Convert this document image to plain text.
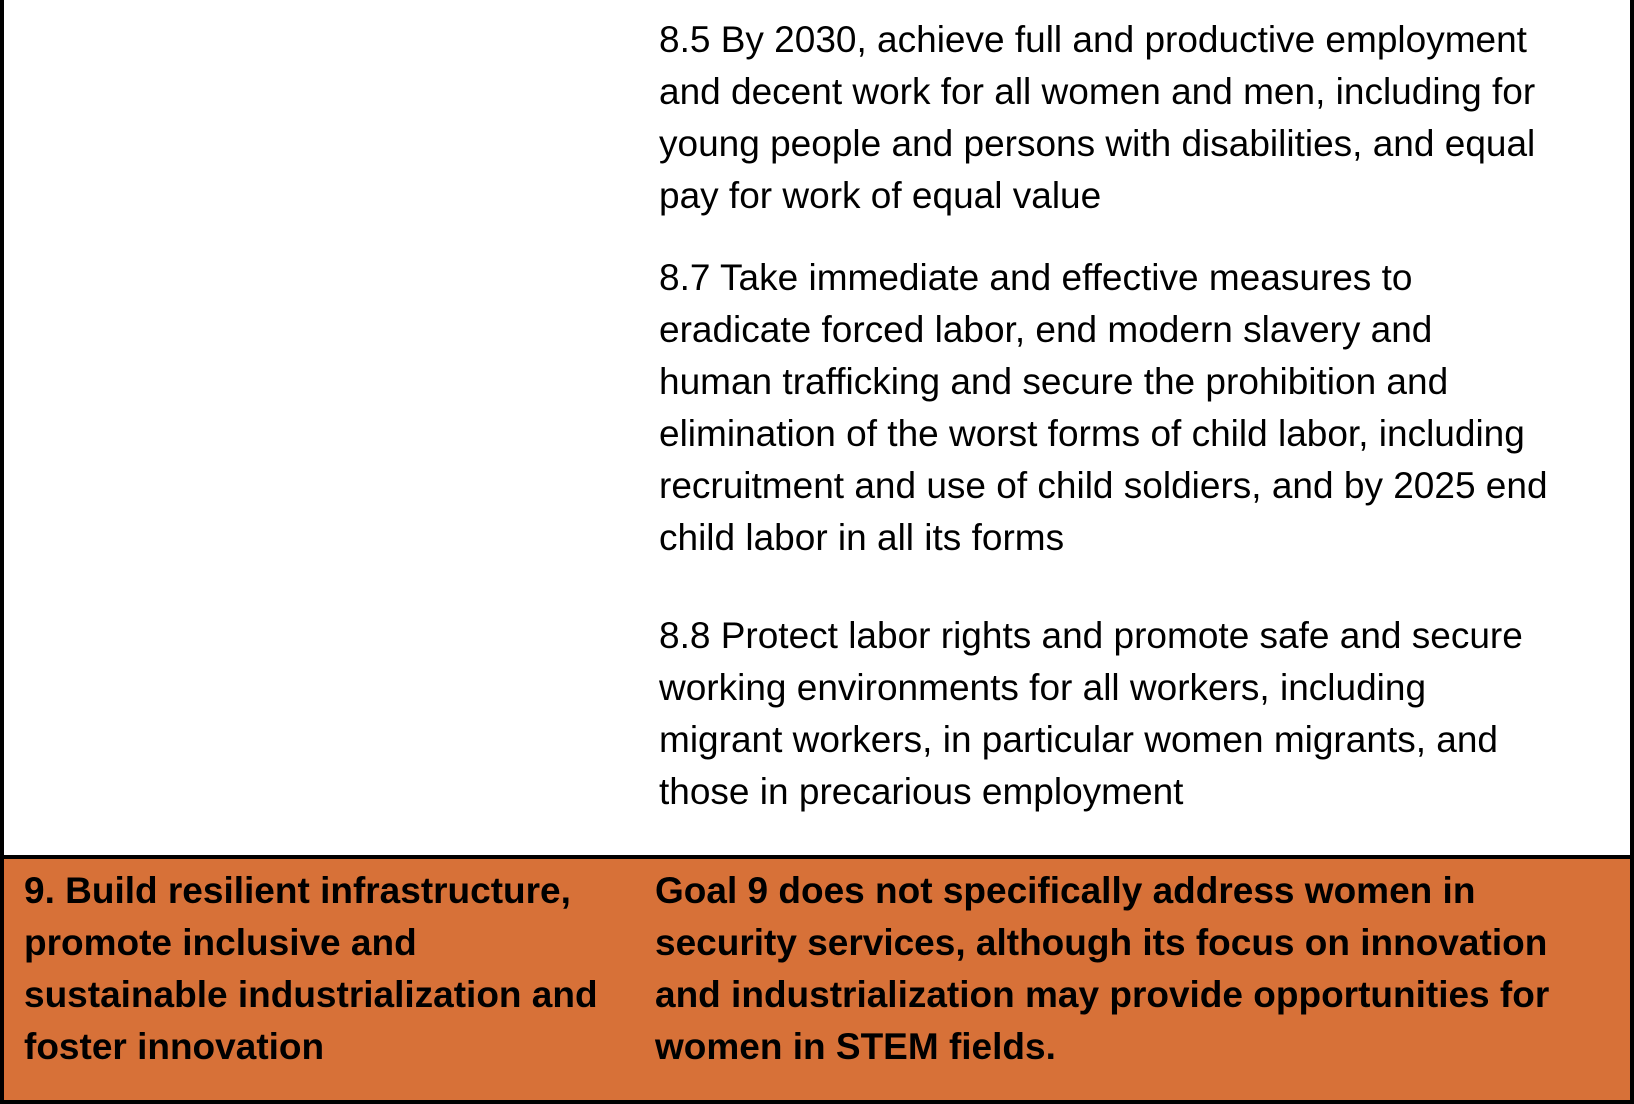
8.5 By 2030, achieve full and productive employment
and decent work for all women and men, including for
young people and persons with disabilities, and equal
pay for work of equal value

8.7 Take immediate and effective measures to
eradicate forced labor, end modern slavery and
human trafficking and secure the prohibition and
elimination of the worst forms of child labor, including
recruitment and use of child soldiers, and by 2025 end
child labor in all its forms

8.8 Protect labor rights and promote safe and secure
working environments for all workers, including
migrant workers, in particular women migrants, and
those in precarious employment

9. Build resilient infrastructure, promote inclusive and sustainable industrialization and foster innovation

Goal 9 does not specifically address women in security services, although its focus on innovation and industrialization may provide opportunities for women in STEM fields.
